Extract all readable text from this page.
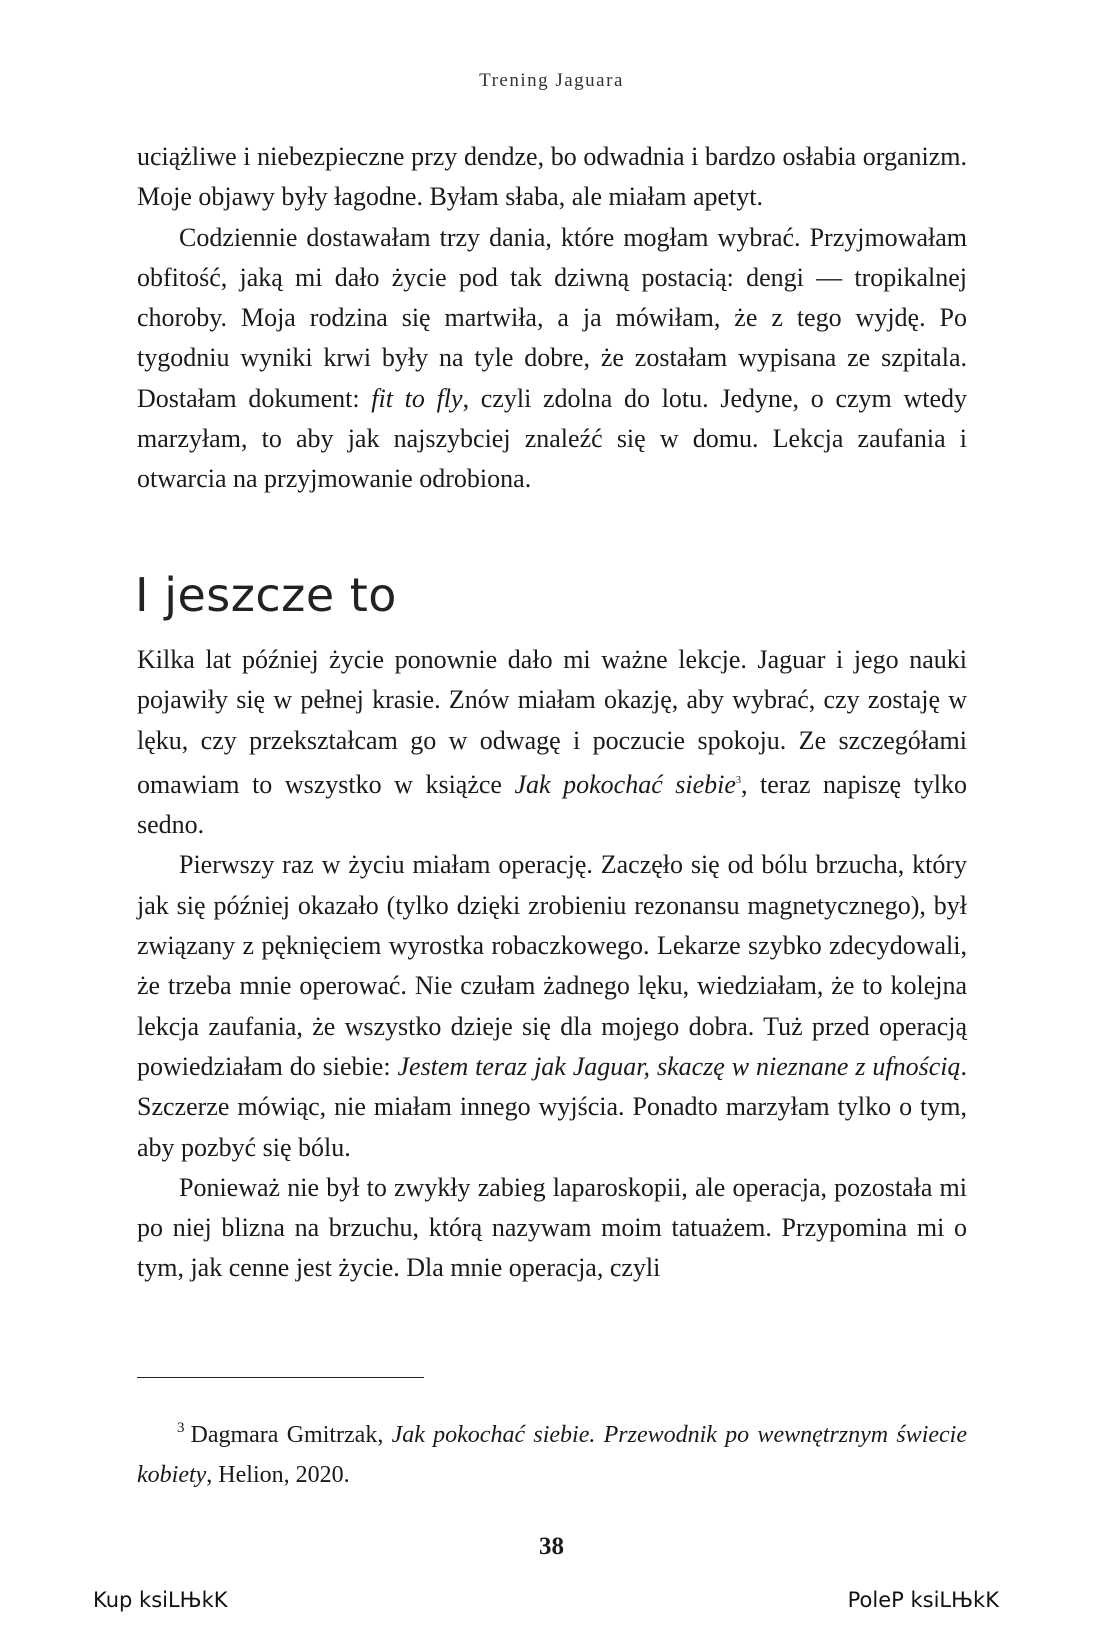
Trening Jaguara

uciążliwe i niebezpieczne przy dendze, bo odwadnia i bardzo osłabia organizm. Moje objawy były łagodne. Byłam słaba, ale miałam apetyt.

Codziennie dostawałam trzy dania, które mogłam wybrać. Przyjmowałam obfitość, jaką mi dało życie pod tak dziwną postacią: dengi — tropikalnej choroby. Moja rodzina się martwiła, a ja mówiłam, że z tego wyjdę. Po tygodniu wyniki krwi były na tyle dobre, że zostałam wypisana ze szpitala. Dostałam dokument: fit to fly, czyli zdolna do lotu. Jedyne, o czym wtedy marzyłam, to aby jak najszybciej znaleźć się w domu. Lekcja zaufania i otwarcia na przyjmowanie odrobiona.

I jeszcze to

Kilka lat później życie ponownie dało mi ważne lekcje. Jaguar i jego nauki pojawiły się w pełnej krasie. Znów miałam okazję, aby wybrać, czy zostaję w lęku, czy przekształcam go w odwagę i poczucie spokoju. Ze szczegółami omawiam to wszystko w książce Jak pokochać siebie$^3$, teraz napiszę tylko sedno.

Pierwszy raz w życiu miałam operację. Zaczęło się od bólu brzucha, który jak się później okazało (tylko dzięki zrobieniu rezonansu magnetycznego), był związany z pęknięciem wyrostka robaczkowego. Lekarze szybko zdecydowali, że trzeba mnie operować. Nie czułam żadnego lęku, wiedziałam, że to kolejna lekcja zaufania, że wszystko dzieje się dla mojego dobra. Tuż przed operacją powiedziałam do siebie: Jestem teraz jak Jaguar, skaczę w nieznane z ufnością. Szczerze mówiąc, nie miałam innego wyjścia. Ponadto marzyłam tylko o tym, aby pozbyć się bólu.

Ponieważ nie był to zwykły zabieg laparoskopii, ale operacja, pozostała mi po niej blizna na brzuchu, którą nazywam moim tatuażem. Przypomina mi o tym, jak cenne jest życie. Dla mnie operacja, czyli

$^3$ Dagmara Gmitrzak, Jak pokochać siebie. Przewodnik po wewnętrznym świecie kobiety, Helion, 2020.
38
Kup ksiLЊkK	PoleP ksiLЊkK
